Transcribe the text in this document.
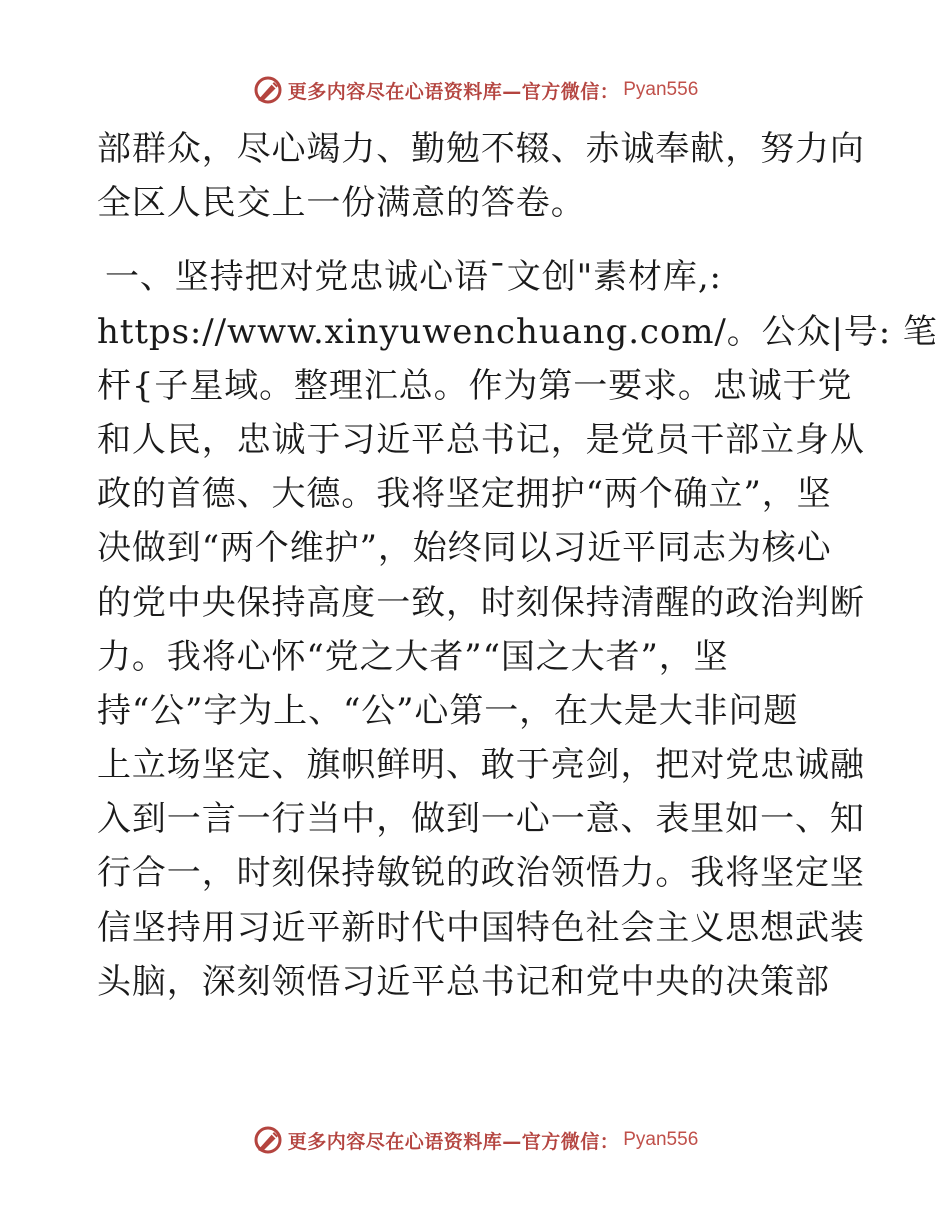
更多内容尽在心语资料库—官方微信： Pyan556
部群众，尽心竭力、勤勉不辍、赤诚奉献，努力向
全区人民交上一份满意的答卷。
一、坚持把对党忠诚心语¯文创"素材库,:
https://www.xinyuwenchuang.com/。公众|号: 笔
杆{子星域。整理汇总。作为第一要求。忠诚于党
和人民，忠诚于习近平总书记，是党员干部立身从
政的首德、大德。我将坚定拥护“两个确立”，坚
决做到“两个维护”，始终同以习近平同志为核心
的党中央保持高度一致，时刻保持清醒的政治判断
力。我将心怀“党之大者”“国之大者”，坚
持“公”字为上、“公”心第一，在大是大非问题
上立场坚定、旗帜鲜明、敢于亮剑，把对党忠诚融
入到一言一行当中，做到一心一意、表里如一、知
行合一，时刻保持敏锐的政治领悟力。我将坚定坚
信坚持用习近平新时代中国特色社会主义思想武装
头脑，深刻领悟习近平总书记和党中央的决策部
更多内容尽在心语资料库—官方微信： Pyan556
